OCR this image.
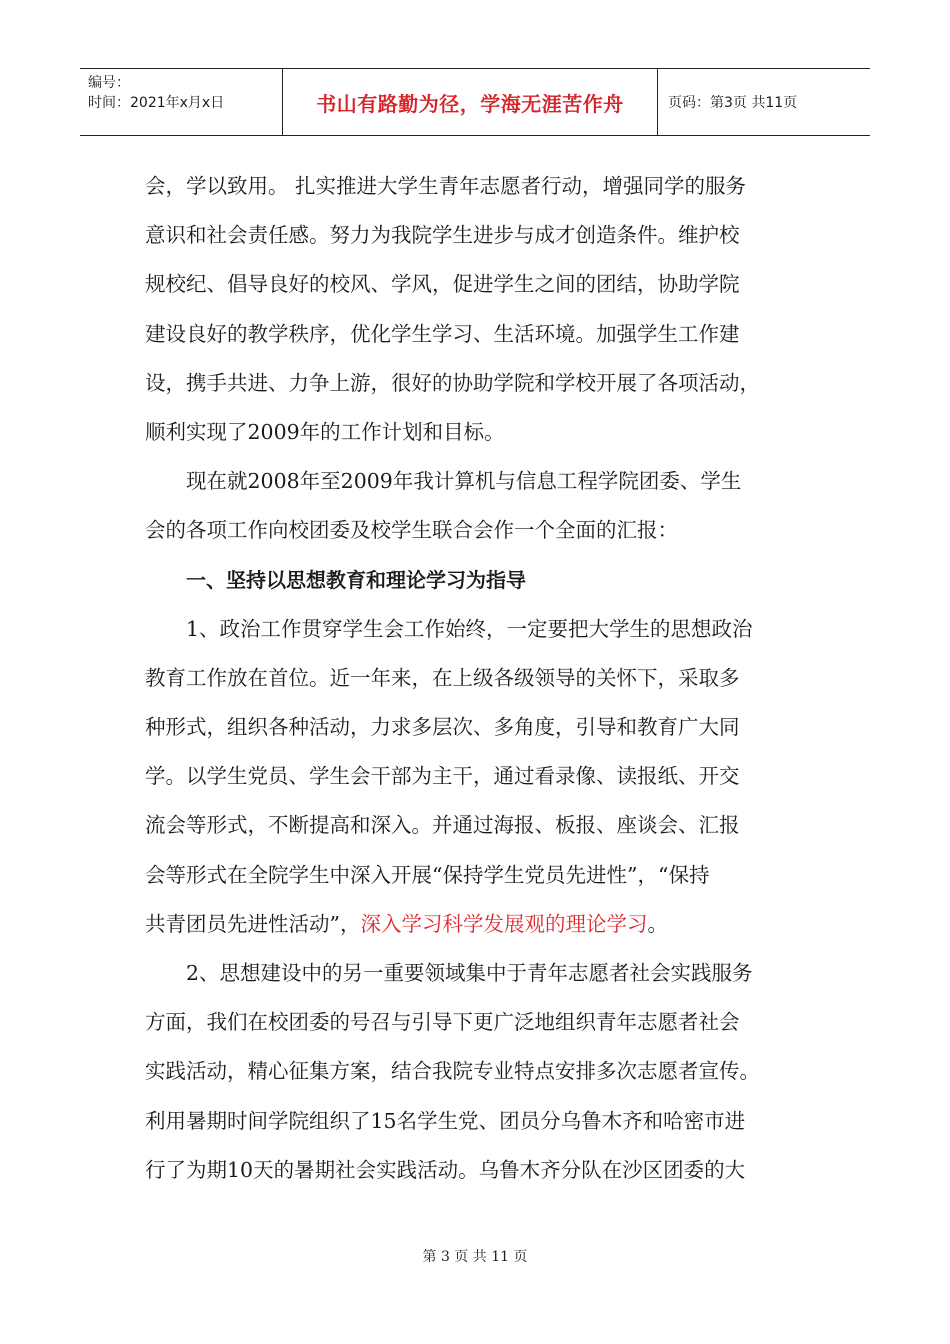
编号：
时间：2021年x月x日	书山有路勤为径，学海无涯苦作舟	页码：第3页 共11页
会，学以致用。 扎实推进大学生青年志愿者行动，增强同学的服务
意识和社会责任感。努力为我院学生进步与成才创造条件。维护校
规校纪、倡导良好的校风、学风，促进学生之间的团结，协助学院
建设良好的教学秩序，优化学生学习、生活环境。加强学生工作建
设，携手共进、力争上游，很好的协助学院和学校开展了各项活动，
顺利实现了2009年的工作计划和目标。
现在就2008年至2009年我计算机与信息工程学院团委、学生
会的各项工作向校团委及校学生联合会作一个全面的汇报：
一、坚持以思想教育和理论学习为指导
1、政治工作贯穿学生会工作始终，一定要把大学生的思想政治
教育工作放在首位。近一年来，在上级各级领导的关怀下，采取多
种形式，组织各种活动，力求多层次、多角度，引导和教育广大同
学。以学生党员、学生会干部为主干，通过看录像、读报纸、开交
流会等形式，不断提高和深入。并通过海报、板报、座谈会、汇报
会等形式在全院学生中深入开展“保持学生党员先进性”，“保持
共青团员先进性活动”，深入学习科学发展观的理论学习。
2、思想建设中的另一重要领域集中于青年志愿者社会实践服务
方面，我们在校团委的号召与引导下更广泛地组织青年志愿者社会
实践活动，精心征集方案，结合我院专业特点安排多次志愿者宣传。
利用暑期时间学院组织了15名学生党、团员分乌鲁木齐和哈密市进
行了为期10天的暑期社会实践活动。乌鲁木齐分队在沙区团委的大
第 3 页 共 11 页
